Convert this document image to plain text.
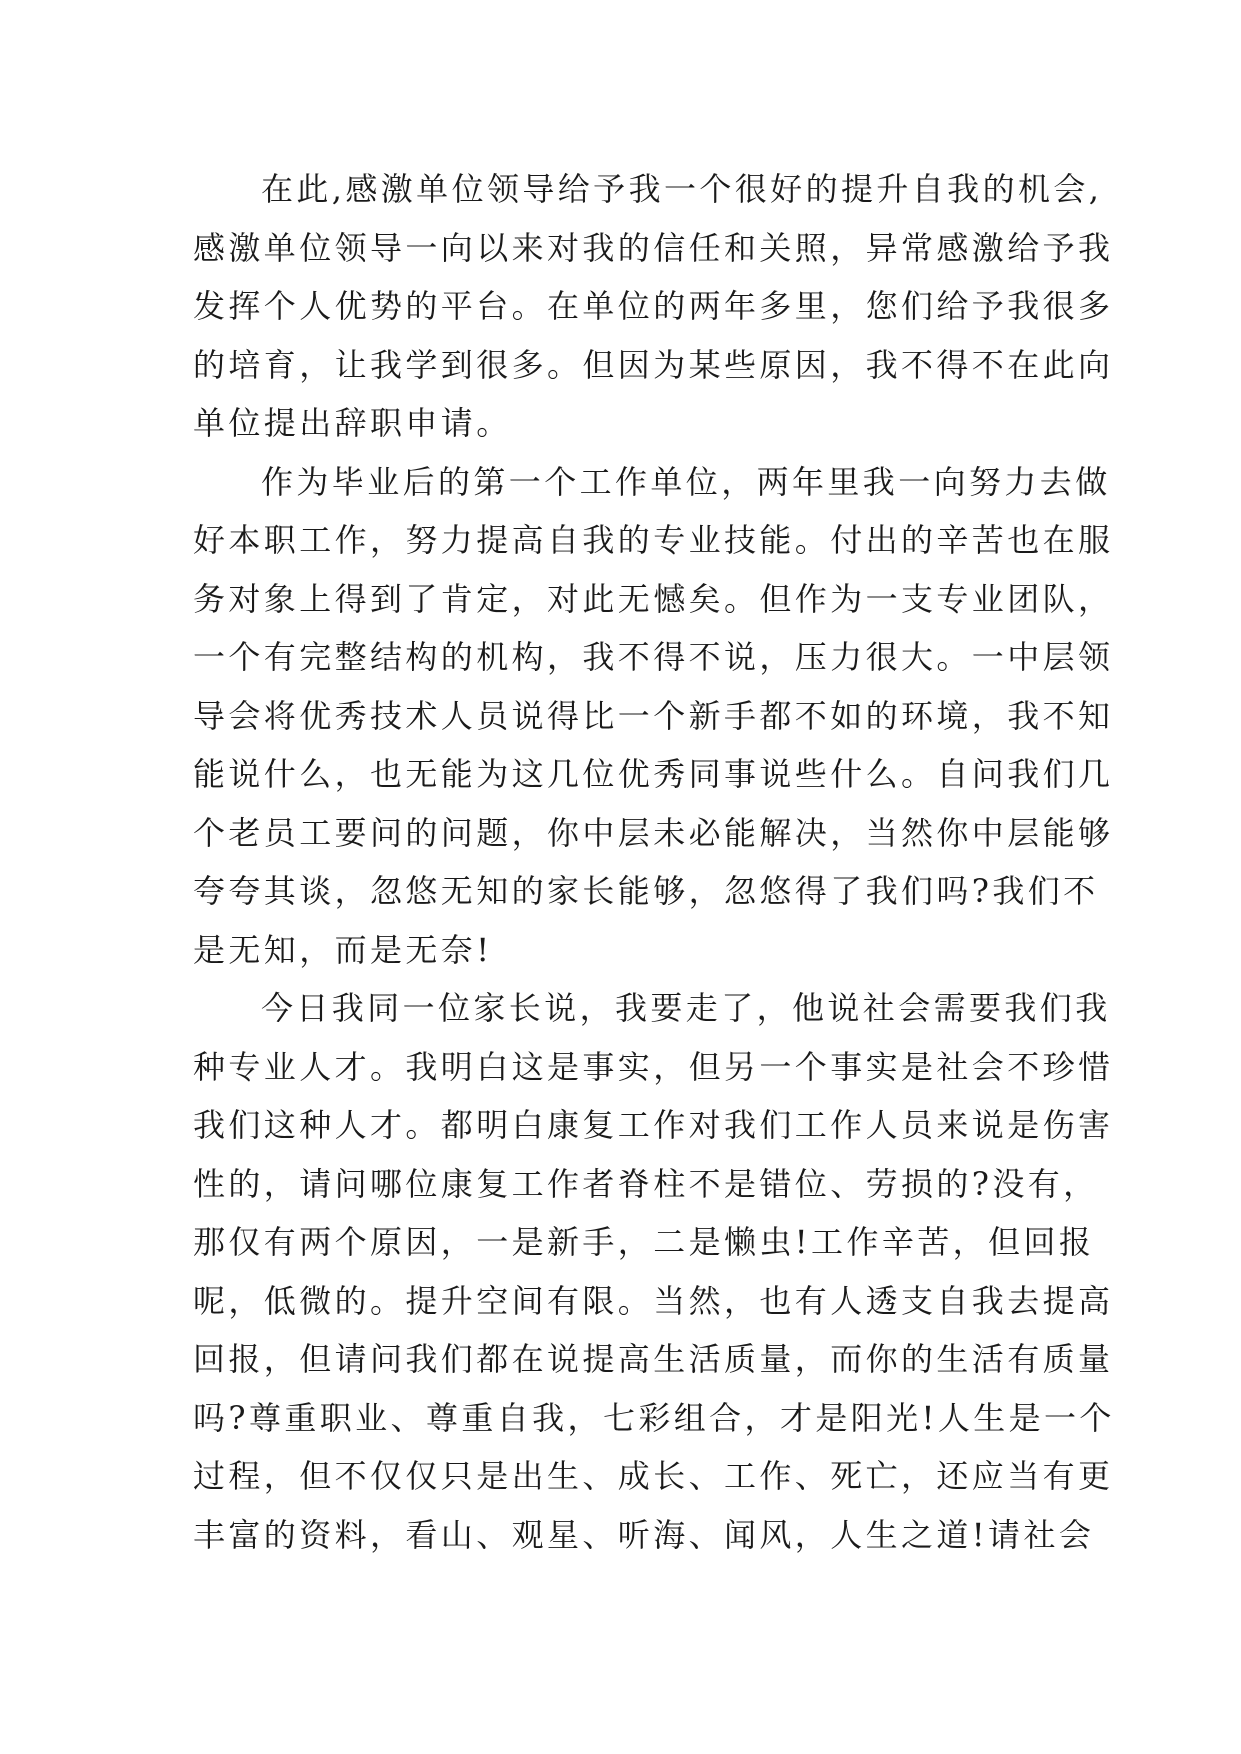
在此,感激单位领导给予我一个很好的提升自我的机会,
感激单位领导一向以来对我的信任和关照，异常感激给予我
发挥个人优势的平台。在单位的两年多里，您们给予我很多
的培育，让我学到很多。但因为某些原因，我不得不在此向
单位提出辞职申请。
作为毕业后的第一个工作单位，两年里我一向努力去做
好本职工作，努力提高自我的专业技能。付出的辛苦也在服
务对象上得到了肯定，对此无憾矣。但作为一支专业团队，
一个有完整结构的机构，我不得不说，压力很大。一中层领
导会将优秀技术人员说得比一个新手都不如的环境，我不知
能说什么，也无能为这几位优秀同事说些什么。自问我们几
个老员工要问的问题，你中层未必能解决，当然你中层能够
夸夸其谈，忽悠无知的家长能够，忽悠得了我们吗?我们不
是无知，而是无奈!
今日我同一位家长说，我要走了，他说社会需要我们我
种专业人才。我明白这是事实，但另一个事实是社会不珍惜
我们这种人才。都明白康复工作对我们工作人员来说是伤害
性的，请问哪位康复工作者脊柱不是错位、劳损的?没有，
那仅有两个原因，一是新手，二是懒虫!工作辛苦，但回报
呢，低微的。提升空间有限。当然，也有人透支自我去提高
回报，但请问我们都在说提高生活质量，而你的生活有质量
吗?尊重职业、尊重自我，七彩组合，才是阳光!人生是一个
过程，但不仅仅只是出生、成长、工作、死亡，还应当有更
丰富的资料，看山、观星、听海、闻风，人生之道!请社会
